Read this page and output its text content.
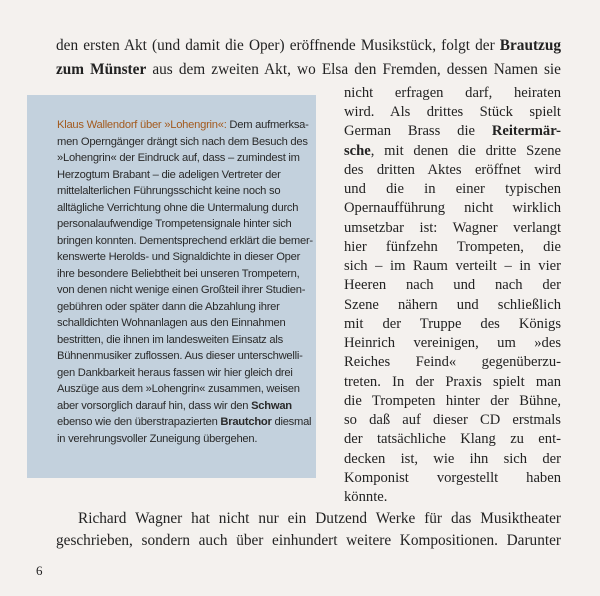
den ersten Akt (und damit die Oper) eröffnende Musikstück, folgt der Brautzug
zum Münster aus dem zweiten Akt, wo Elsa den Fremden, dessen Namen sie
nicht erfragen darf, heiraten
wird. Als drittes Stück spielt
German Brass die Reitermär-
sche, mit denen die dritte Szene
des dritten Aktes eröffnet wird
und die in einer typischen
Opernaufführung nicht wirklich
umsetzbar ist: Wagner verlangt
hier fünfzehn Trompeten, die
sich – im Raum verteilt – in vier
Heeren nach und nach der
Szene nähern und schließlich
mit der Truppe des Königs
Heinrich vereinigen, um »des
Reiches Feind« gegenüberzu-
treten. In der Praxis spielt man
die Trompeten hinter der Bühne,
so daß auf dieser CD erstmals
der tatsächliche Klang zu ent-
decken ist, wie ihn sich der
Komponist vorgestellt haben
könnte.
Richard Wagner hat nicht nur ein Dutzend Werke für das Musiktheater
geschrieben, sondern auch über einhundert weitere Kompositionen. Darunter
Klaus Wallendorf über »Lohengrin«: Dem aufmerksa-
men Operngänger drängt sich nach dem Besuch des
»Lohengrin« der Eindruck auf, dass – zumindest im
Herzogtum Brabant – die adeligen Vertreter der
mittelalterlichen Führungsschicht keine noch so
alltägliche Verrichtung ohne die Untermalung durch
personalaufwendige Trompetensignale hinter sich
bringen konnten. Dementsprechend erklärt die bemer-
kenswerte Herolds- und Signaldichte in dieser Oper
ihre besondere Beliebtheit bei unseren Trompetern,
von denen nicht wenige einen Großteil ihrer Studien-
gebühren oder später dann die Abzahlung ihrer
schalldichten Wohnanlagen aus den Einnahmen
bestritten, die ihnen im landesweiten Einsatz als
Bühnenmusiker zuflossen. Aus dieser unterschwelli-
gen Dankbarkeit heraus fassen wir hier gleich drei
Auszüge aus dem »Lohengrin« zusammen, weisen
aber vorsorglich darauf hin, dass wir den Schwan
ebenso wie den überstrapazierten Brautchor diesmal
in verehrungsvoller Zuneigung übergehen.
6
